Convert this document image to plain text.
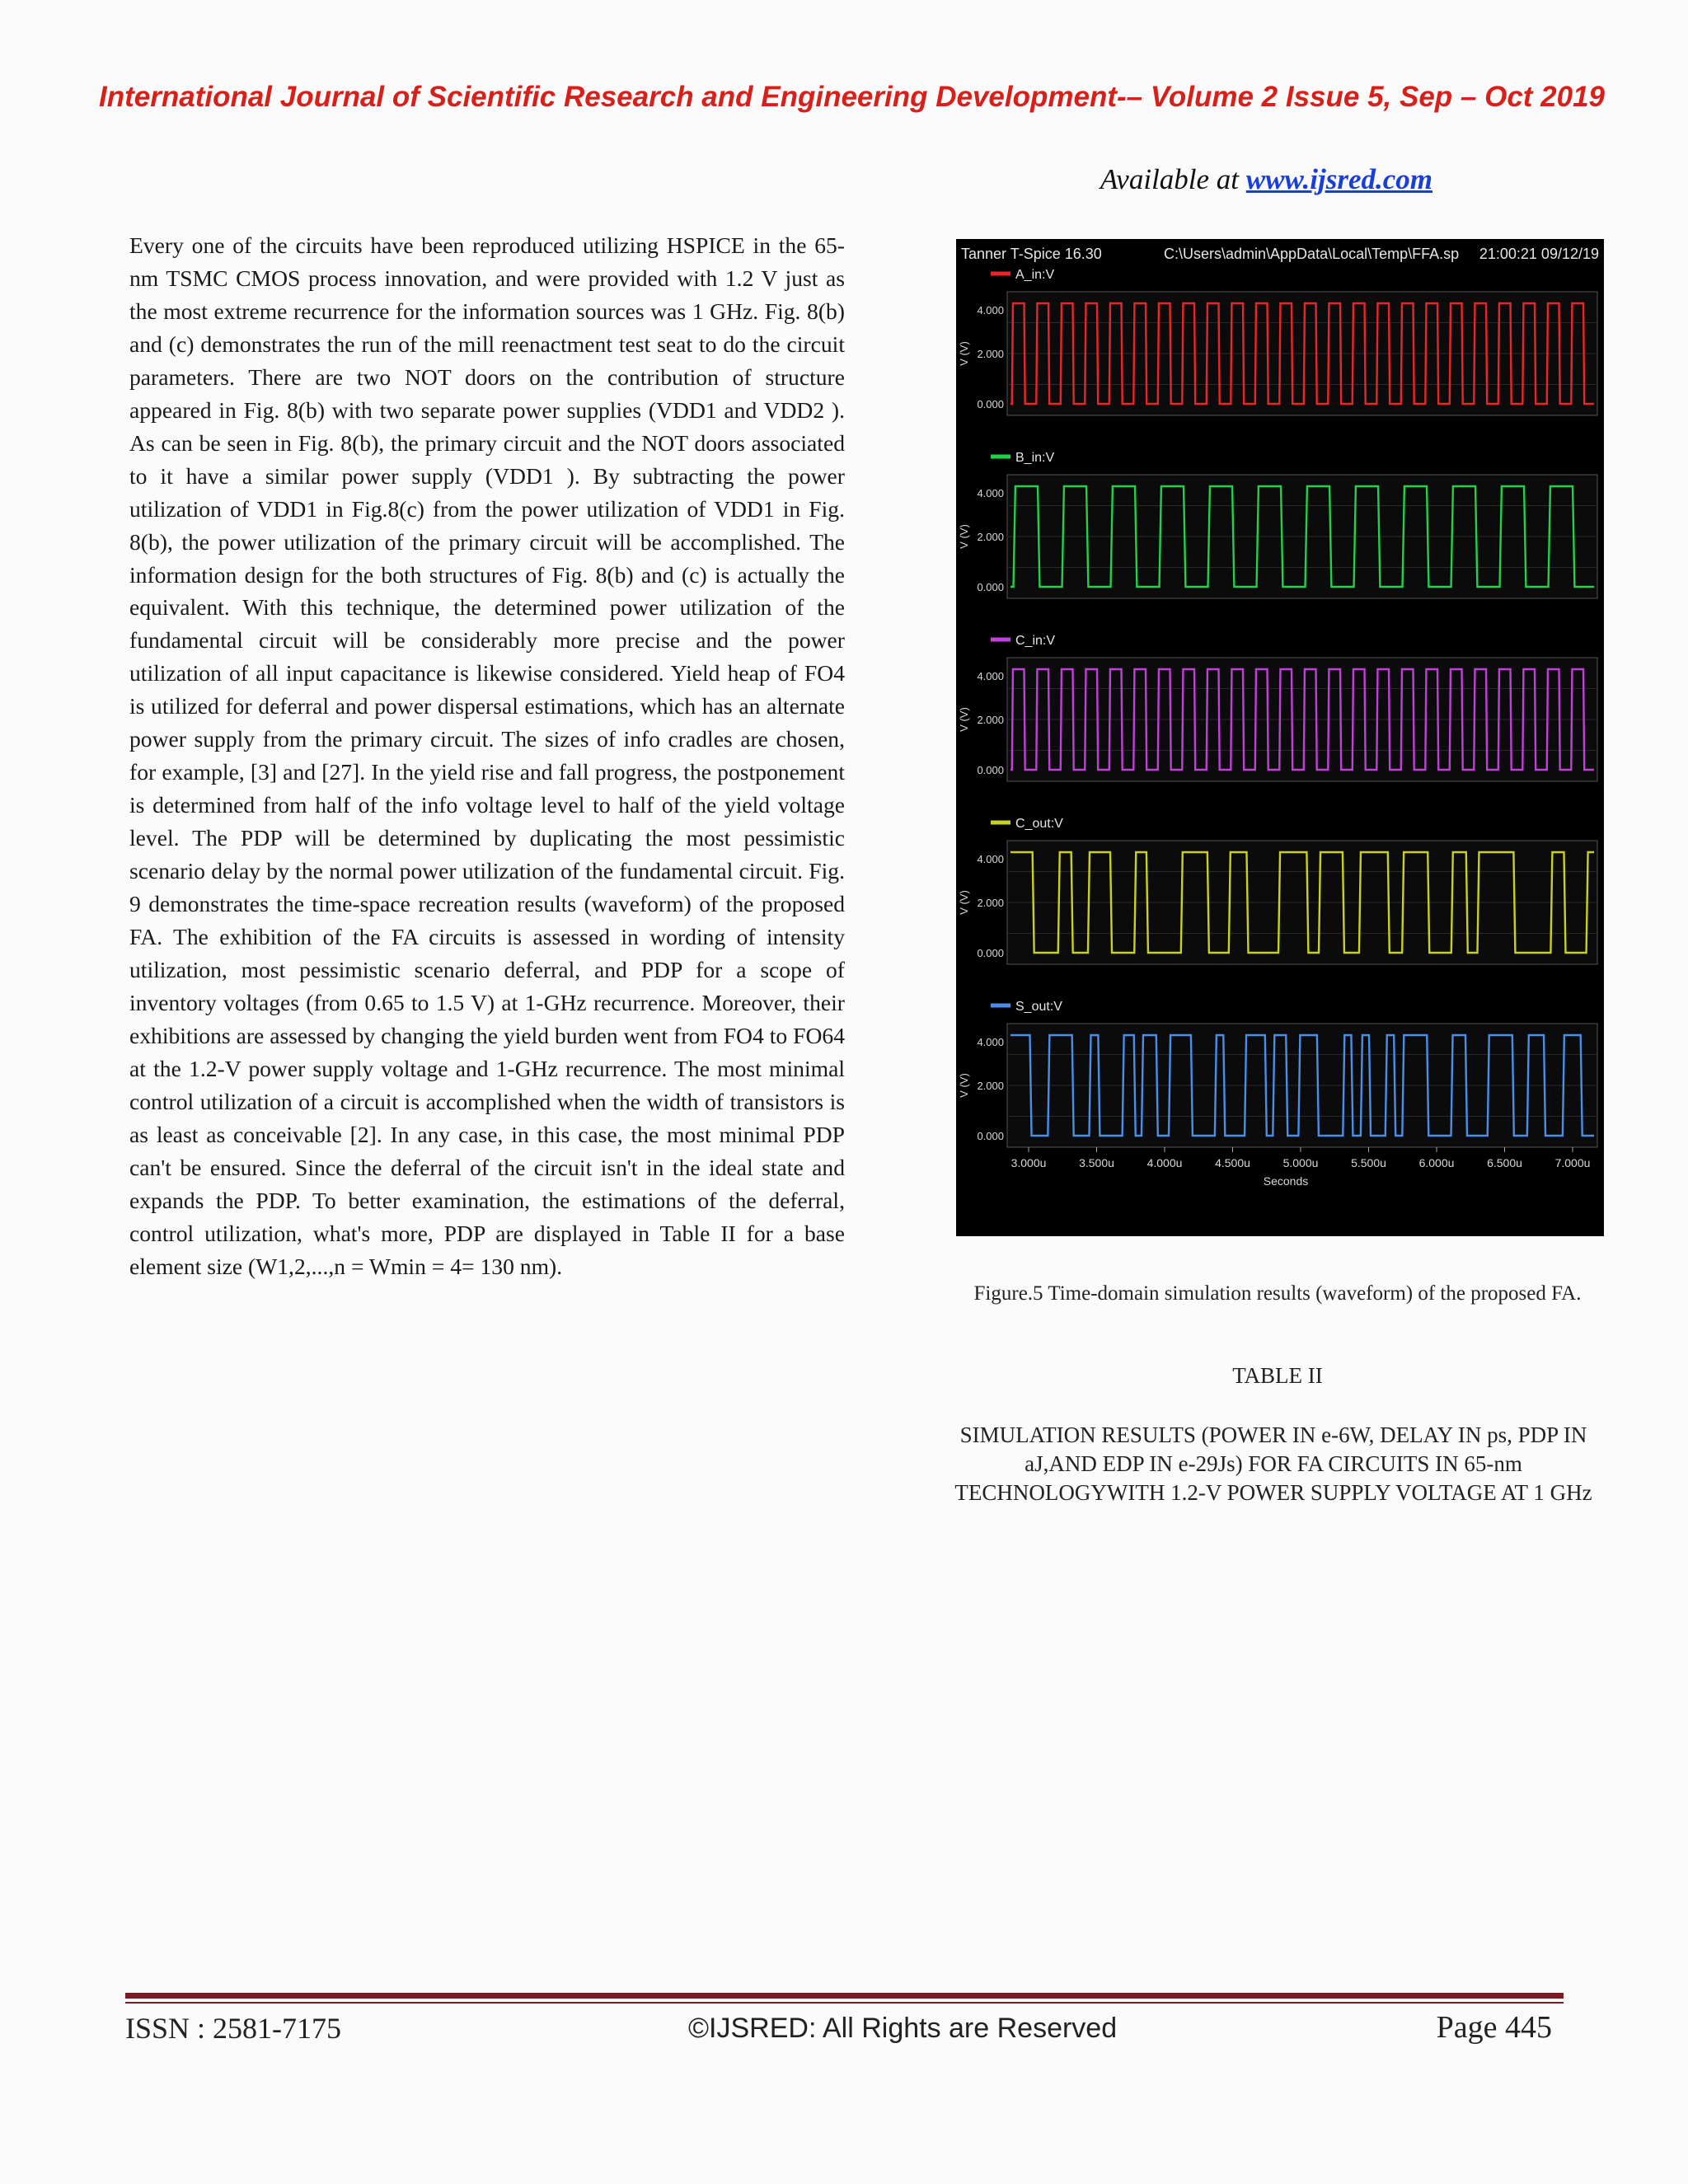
International Journal of Scientific Research and Engineering Development-– Volume 2 Issue 5, Sep – Oct 2019
Available at www.ijsred.com
Every one of the circuits have been reproduced utilizing HSPICE in the 65-nm TSMC CMOS process innovation, and were provided with 1.2 V just as the most extreme recurrence for the information sources was 1 GHz. Fig. 8(b) and (c) demonstrates the run of the mill reenactment test seat to do the circuit parameters. There are two NOT doors on the contribution of structure appeared in Fig. 8(b) with two separate power supplies (VDD1 and VDD2 ). As can be seen in Fig. 8(b), the primary circuit and the NOT doors associated to it have a similar power supply (VDD1 ). By subtracting the power utilization of VDD1 in Fig.8(c) from the power utilization of VDD1 in Fig. 8(b), the power utilization of the primary circuit will be accomplished. The information design for the both structures of Fig. 8(b) and (c) is actually the equivalent. With this technique, the determined power utilization of the fundamental circuit will be considerably more precise and the power utilization of all input capacitance is likewise considered. Yield heap of FO4 is utilized for deferral and power dispersal estimations, which has an alternate power supply from the primary circuit. The sizes of info cradles are chosen, for example, [3] and [27]. In the yield rise and fall progress, the postponement is determined from half of the info voltage level to half of the yield voltage level. The PDP will be determined by duplicating the most pessimistic scenario delay by the normal power utilization of the fundamental circuit. Fig. 9 demonstrates the time-space recreation results (waveform) of the proposed FA. The exhibition of the FA circuits is assessed in wording of intensity utilization, most pessimistic scenario deferral, and PDP for a scope of inventory voltages (from 0.65 to 1.5 V) at 1-GHz recurrence. Moreover, their exhibitions are assessed by changing the yield burden went from FO4 to FO64 at the 1.2-V power supply voltage and 1-GHz recurrence. The most minimal control utilization of a circuit is accomplished when the width of transistors is as least as conceivable [2]. In any case, in this case, the most minimal PDP can't be ensured. Since the deferral of the circuit isn't in the ideal state and expands the PDP. To better examination, the estimations of the deferral, control utilization, what's more, PDP are displayed in Table II for a base element size (W1,2,...,n = Wmin = 4= 130 nm).
Tanner T-Spice 16.30	C:\Users\admin\AppData\Local\Temp\FFA.sp 21:00:21 09/12/19
A_in:V
4.000
2.000
0.000
V (V)
B_in:V
4.000
2.000
0.000
V (V)
C_in:V
4.000
2.000
0.000
V (V)
C_out:V
4.000
2.000
0.000
V (V)
S_out:V
4.000
2.000
0.000
V (V)
3.000u	3.500u	4.000u	4.500u	5.000u	5.500u	6.000u	6.500u	7.000u
Seconds
Figure.5 Time-domain simulation results (waveform) of the proposed FA.
TABLE II
SIMULATION RESULTS (POWER IN e-6W, DELAY IN ps, PDP IN aJ,AND EDP IN e-29Js) FOR FA CIRCUITS IN 65-nm TECHNOLOGYWITH 1.2-V POWER SUPPLY VOLTAGE AT 1 GHz
ISSN : 2581-7175	©IJSRED: All Rights are Reserved	Page 445
